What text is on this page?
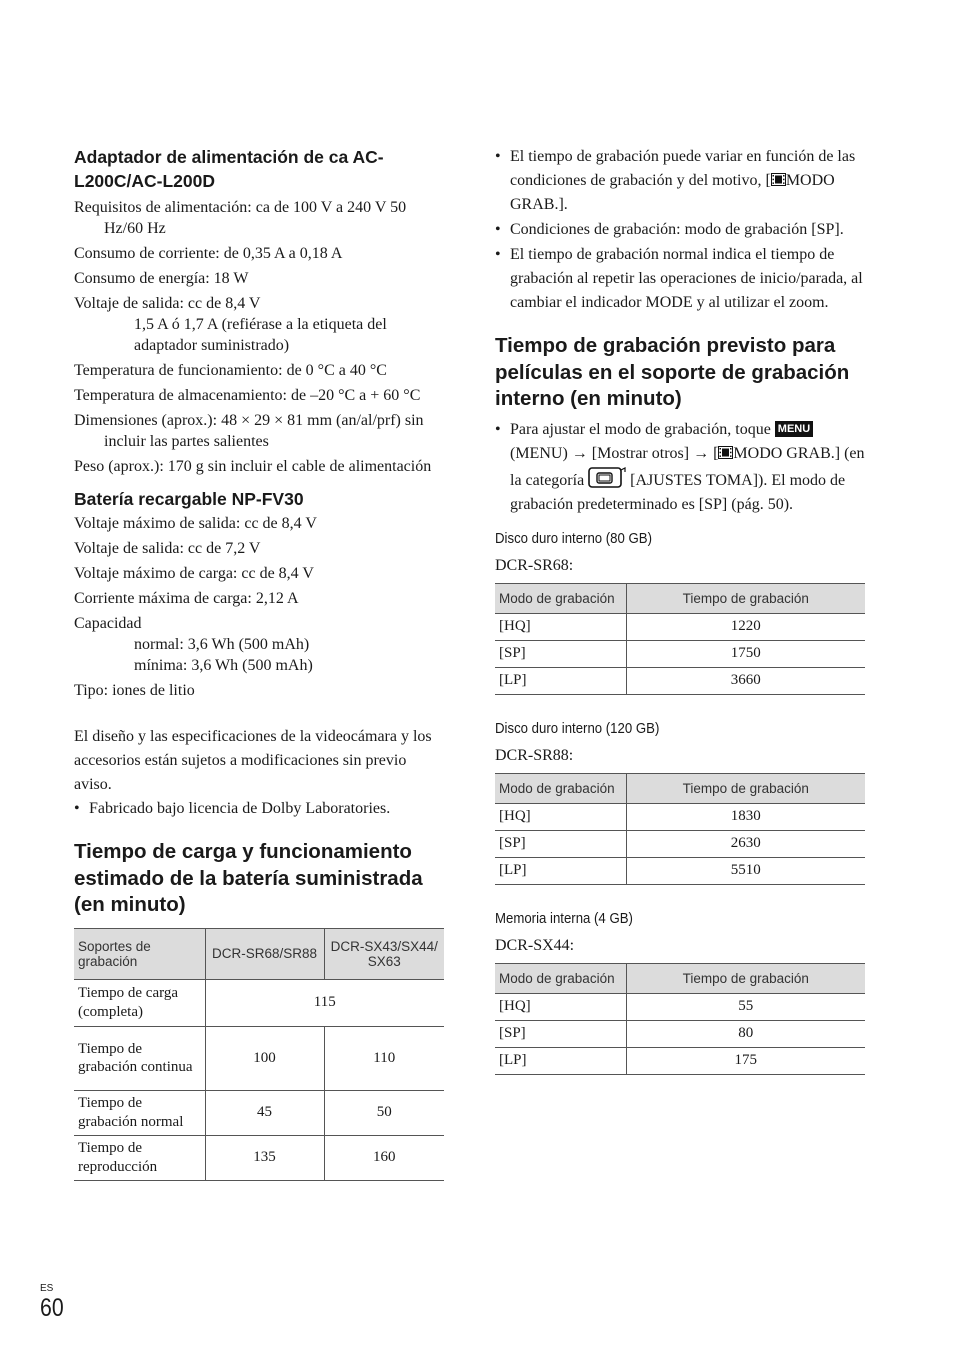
Adaptador de alimentación de ca AC-L200C/AC-L200D
Requisitos de alimentación: ca de 100 V a 240 V 50 Hz/60 Hz
Consumo de corriente: de 0,35 A a 0,18 A
Consumo de energía: 18 W
Voltaje de salida: cc de 8,4 V
1,5 A ó 1,7 A (refiérase a la etiqueta del adaptador suministrado)
Temperatura de funcionamiento: de 0 °C a 40 °C
Temperatura de almacenamiento: de –20 °C a + 60 °C
Dimensiones (aprox.): 48 × 29 × 81 mm (an/al/prf) sin incluir las partes salientes
Peso (aprox.): 170 g sin incluir el cable de alimentación
Batería recargable NP-FV30
Voltaje máximo de salida: cc de 8,4 V
Voltaje de salida: cc de 7,2 V
Voltaje máximo de carga: cc de 8,4 V
Corriente máxima de carga: 2,12 A
Capacidad
normal: 3,6 Wh (500 mAh)
mínima: 3,6 Wh (500 mAh)
Tipo: iones de litio

El diseño y las especificaciones de la videocámara y los accesorios están sujetos a modificaciones sin previo aviso.

• Fabricado bajo licencia de Dolby Laboratories.
Tiempo de carga y funcionamiento estimado de la batería suministrada (en minuto)
Soportes de grabación	DCR-SR68/SR88	DCR-SX43/SX44/ SX63
Tiempo de carga (completa)	115	
Tiempo de grabación continua	100	110
Tiempo de grabación normal	45	50
Tiempo de reproducción	135	160
• El tiempo de grabación puede variar en función de las condiciones de grabación y del motivo, [ MODO GRAB.].
• Condiciones de grabación: modo de grabación [SP].
• El tiempo de grabación normal indica el tiempo de grabación al repetir las operaciones de inicio/parada, al cambiar el indicador MODE y al utilizar el zoom.
Tiempo de grabación previsto para películas en el soporte de grabación interno (en minuto)
• Para ajustar el modo de grabación, toque MENU (MENU) → [Mostrar otros] → [ MODO GRAB.] (en la categoría	[AJUSTES TOMA]). El modo de grabación predeterminado es [SP] (pág. 50).
Disco duro interno (80 GB)

DCR-SR68:

Modo de grabación	Tiempo de grabación
[HQ]	1220
[SP]	1750
[LP]	3660
Disco duro interno (120 GB)

DCR-SR88:

Modo de grabación	Tiempo de grabación
[HQ]	1830
[SP]	2630
[LP]	5510
Memoria interna (4 GB)

DCR-SX44:

Modo de grabación	Tiempo de grabación
[HQ]	55
[SP]	80
[LP]	175
ES
60
